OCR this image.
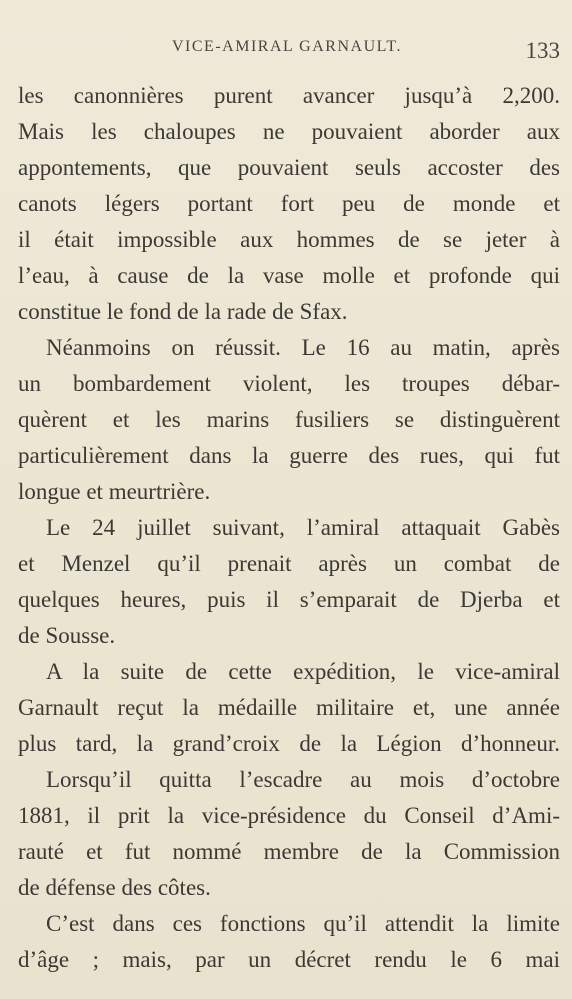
VICE-AMIRAL GARNAULT.	133
les canonnières purent avancer jusqu’à 2,200.
Mais les chaloupes ne pouvaient aborder aux
appontements, que pouvaient seuls accoster des
canots légers portant fort peu de monde et
il était impossible aux hommes de se jeter à
l’eau, à cause de la vase molle et profonde qui
constitue le fond de la rade de Sfax.
Néanmoins on réussit. Le 16 au matin, après
un bombardement violent, les troupes débar-
quèrent et les marins fusiliers se distinguèrent
particulièrement dans la guerre des rues, qui fut
longue et meurtrière.
Le 24 juillet suivant, l’amiral attaquait Gabès
et Menzel qu’il prenait après un combat de
quelques heures, puis il s’emparait de Djerba et
de Sousse.
A la suite de cette expédition, le vice-amiral
Garnault reçut la médaille militaire et, une année
plus tard, la grand’croix de la Légion d’honneur.
Lorsqu’il quitta l’escadre au mois d’octobre
1881, il prit la vice-présidence du Conseil d’Ami-
rauté et fut nommé membre de la Commission
de défense des côtes.
C’est dans ces fonctions qu’il attendit la limite
d’âge ; mais, par un décret rendu le 6 mai
